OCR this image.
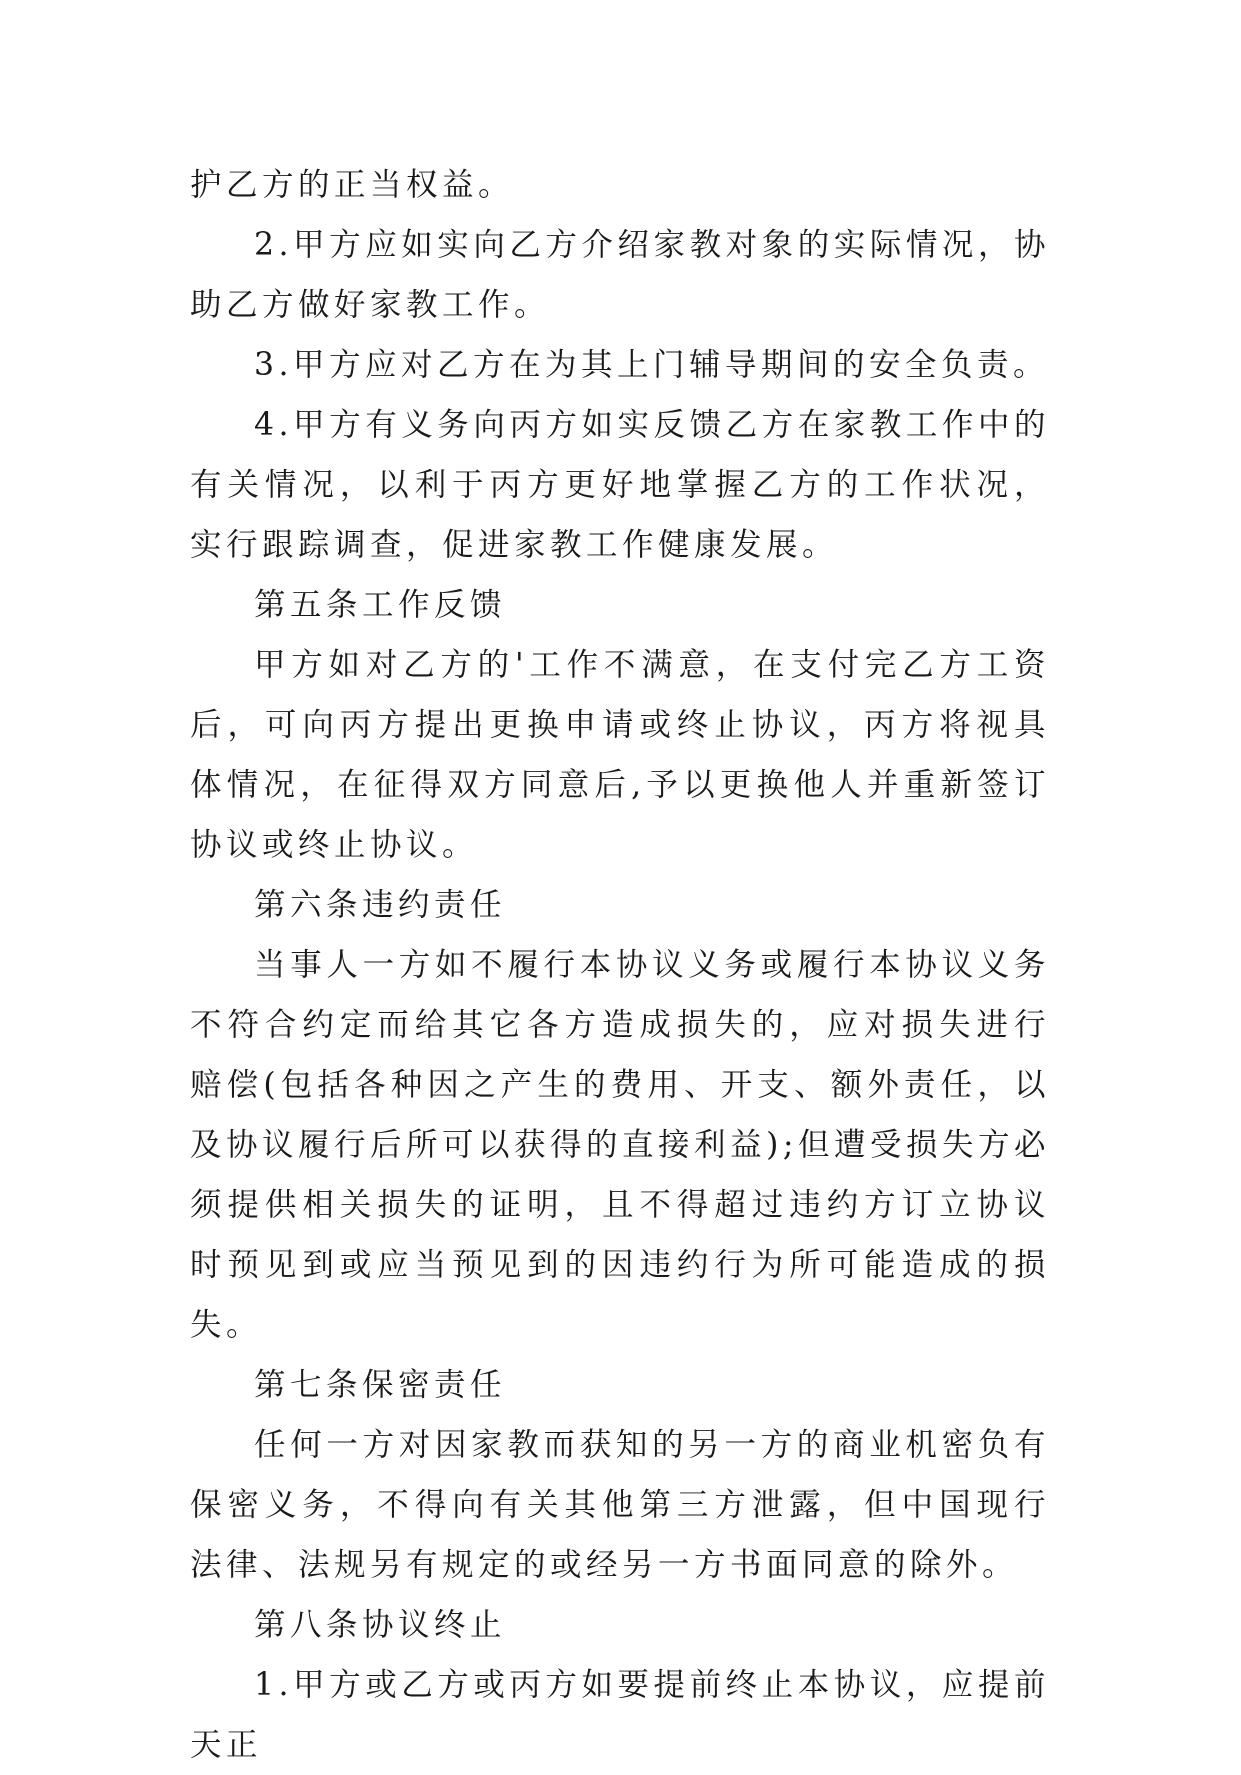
护乙方的正当权益。

2.甲方应如实向乙方介绍家教对象的实际情况，协助乙方做好家教工作。

3.甲方应对乙方在为其上门辅导期间的安全负责。

4.甲方有义务向丙方如实反馈乙方在家教工作中的有关情况，以利于丙方更好地掌握乙方的工作状况，实行跟踪调查，促进家教工作健康发展。

第五条工作反馈

甲方如对乙方的'工作不满意，在支付完乙方工资后，可向丙方提出更换申请或终止协议，丙方将视具体情况，在征得双方同意后,予以更换他人并重新签订协议或终止协议。

第六条违约责任

当事人一方如不履行本协议义务或履行本协议义务不符合约定而给其它各方造成损失的，应对损失进行赔偿(包括各种因之产生的费用、开支、额外责任，以及协议履行后所可以获得的直接利益);但遭受损失方必须提供相关损失的证明，且不得超过违约方订立协议时预见到或应当预见到的因违约行为所可能造成的损失。

第七条保密责任

任何一方对因家教而获知的另一方的商业机密负有保密义务，不得向有关其他第三方泄露，但中国现行法律、法规另有规定的或经另一方书面同意的除外。

第八条协议终止

1.甲方或乙方或丙方如要提前终止本协议，应提前天正
